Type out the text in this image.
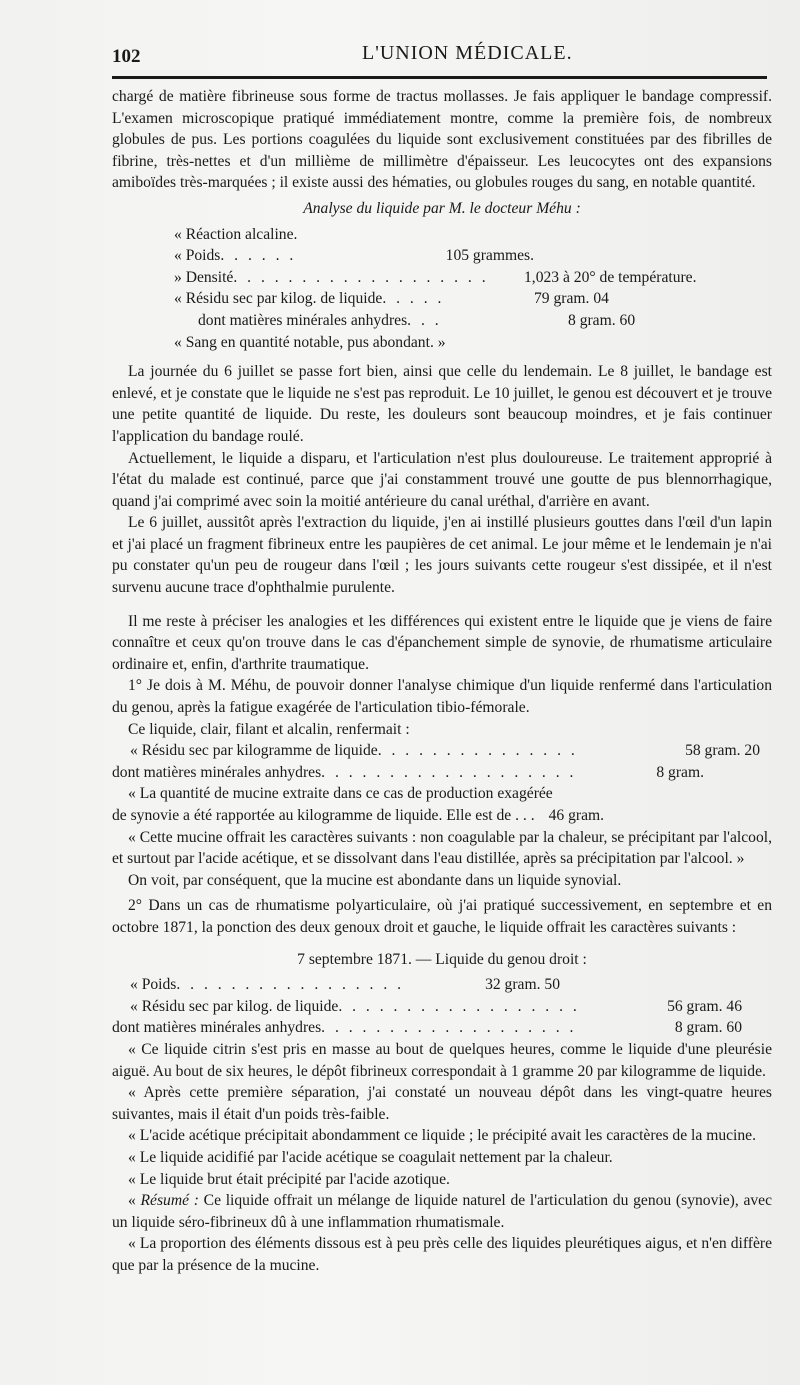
102	L'UNION MÉDICALE.

chargé de matière fibrineuse sous forme de tractus mollasses. Je fais appliquer le bandage compressif. L'examen microscopique pratiqué immédiatement montre, comme la première fois, de nombreux globules de pus. Les portions coagulées du liquide sont exclusivement constituées par des fibrilles de fibrine, très-nettes et d'un millième de millimètre d'épaisseur. Les leucocytes ont des expansions amiboïdes très-marquées ; il existe aussi des hématies, ou globules rouges du sang, en notable quantité.

Analyse du liquide par M. le docteur Méhu :

« Réaction alcaline.
« Poids . . . . . .	105 grammes.
» Densité . . . . . . . . . . . . . . . . . . .	1,023 à 20° de température.
« Résidu sec par kilog. de liquide . . . . .	79 gram. 04
dont matières minérales anhydres . . .	8 gram. 60
« Sang en quantité notable, pus abondant. »

La journée du 6 juillet se passe fort bien, ainsi que celle du lendemain. Le 8 juillet, le bandage est enlevé, et je constate que le liquide ne s'est pas reproduit. Le 10 juillet, le genou est découvert et je trouve une petite quantité de liquide. Du reste, les douleurs sont beaucoup moindres, et je fais continuer l'application du bandage roulé.

Actuellement, le liquide a disparu, et l'articulation n'est plus douloureuse. Le traitement approprié à l'état du malade est continué, parce que j'ai constamment trouvé une goutte de pus blennorrhagique, quand j'ai comprimé avec soin la moitié antérieure du canal uréthal, d'arrière en avant.

Le 6 juillet, aussitôt après l'extraction du liquide, j'en ai instillé plusieurs gouttes dans l'œil d'un lapin et j'ai placé un fragment fibrineux entre les paupières de cet animal. Le jour même et le lendemain je n'ai pu constater qu'un peu de rougeur dans l'œil ; les jours suivants cette rougeur s'est dissipée, et il n'est survenu aucune trace d'ophthalmie purulente.

Il me reste à préciser les analogies et les différences qui existent entre le liquide que je viens de faire connaître et ceux qu'on trouve dans le cas d'épanchement simple de synovie, de rhumatisme articulaire ordinaire et, enfin, d'arthrite traumatique.

1° Je dois à M. Méhu, de pouvoir donner l'analyse chimique d'un liquide renfermé dans l'articulation du genou, après la fatigue exagérée de l'articulation tibio-fémorale.

Ce liquide, clair, filant et alcalin, renfermait :

« Résidu sec par kilogramme de liquide . . . . . . . . . . . . . . .	58 gram. 20
dont matières minérales anhydres . . . . . . . . . . . . . . . . . . .	8 gram.

« La quantité de mucine extraite dans ce cas de production exagérée

de synovie a été rapportée au kilogramme de liquide. Elle est de . . . 46 gram.

« Cette mucine offrait les caractères suivants : non coagulable par la chaleur, se précipitant par l'alcool, et surtout par l'acide acétique, et se dissolvant dans l'eau distillée, après sa précipitation par l'alcool. »

On voit, par conséquent, que la mucine est abondante dans un liquide synovial.

2° Dans un cas de rhumatisme polyarticulaire, où j'ai pratiqué successivement, en septembre et en octobre 1871, la ponction des deux genoux droit et gauche, le liquide offrait les caractères suivants :

7 septembre 1871. — Liquide du genou droit :

« Poids . . . . . . . . . . . . . . . . .	32 gram. 50
« Résidu sec par kilog. de liquide . . . . . . . . . . . . . . . . . .	56 gram. 46
dont matières minérales anhydres . . . . . . . . . . . . . . . . . . .	8 gram. 60

« Ce liquide citrin s'est pris en masse au bout de quelques heures, comme le liquide d'une pleurésie aiguë. Au bout de six heures, le dépôt fibrineux correspondait à 1 gramme 20 par kilogramme de liquide.

« Après cette première séparation, j'ai constaté un nouveau dépôt dans les vingt-quatre heures suivantes, mais il était d'un poids très-faible.

« L'acide acétique précipitait abondamment ce liquide ; le précipité avait les caractères de la mucine.

« Le liquide acidifié par l'acide acétique se coagulait nettement par la chaleur.

« Le liquide brut était précipité par l'acide azotique.

« Résumé : Ce liquide offrait un mélange de liquide naturel de l'articulation du genou (synovie), avec un liquide séro-fibrineux dû à une inflammation rhumatismale.

« La proportion des éléments dissous est à peu près celle des liquides pleurétiques aigus, et n'en diffère que par la présence de la mucine.
